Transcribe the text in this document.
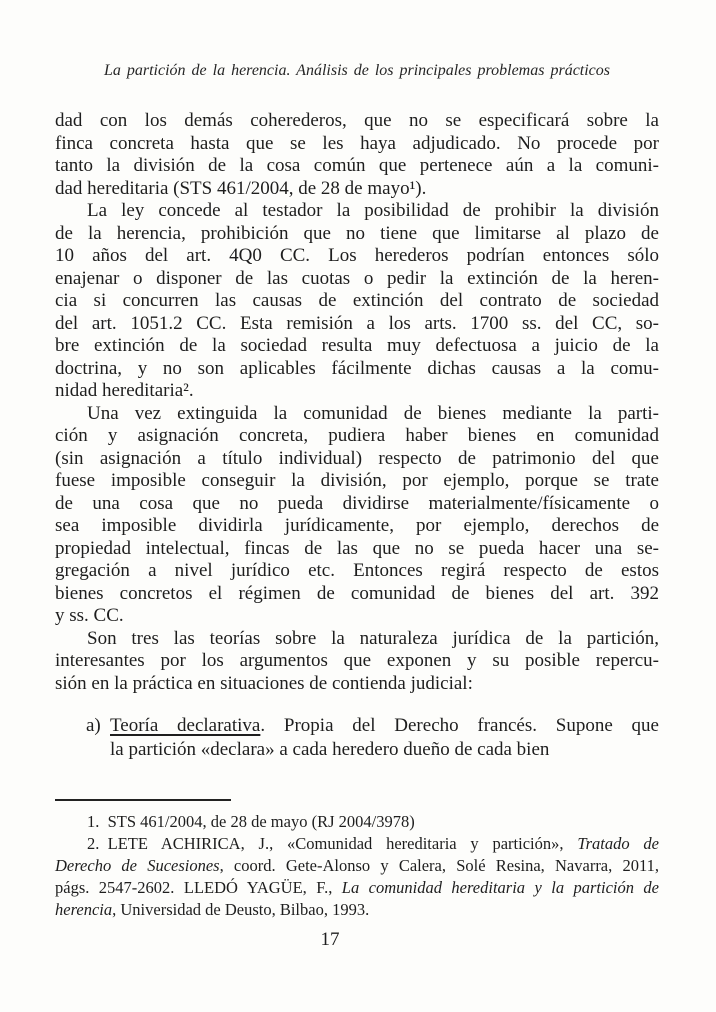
La partición de la herencia. Análisis de los principales problemas prácticos
dad con los demás coherederos, que no se especificará sobre la
finca concreta hasta que se les haya adjudicado. No procede por
tanto la división de la cosa común que pertenece aún a la comuni-
dad hereditaria (STS 461/2004, de 28 de mayo¹).
La ley concede al testador la posibilidad de prohibir la división
de la herencia, prohibición que no tiene que limitarse al plazo de
10 años del art. 4Q0 CC. Los herederos podrían entonces sólo
enajenar o disponer de las cuotas o pedir la extinción de la heren-
cia si concurren las causas de extinción del contrato de sociedad
del art. 1051.2 CC. Esta remisión a los arts. 1700 ss. del CC, so-
bre extinción de la sociedad resulta muy defectuosa a juicio de la
doctrina, y no son aplicables fácilmente dichas causas a la comu-
nidad hereditaria².
Una vez extinguida la comunidad de bienes mediante la parti-
ción y asignación concreta, pudiera haber bienes en comunidad
(sin asignación a título individual) respecto de patrimonio del que
fuese imposible conseguir la división, por ejemplo, porque se trate
de una cosa que no pueda dividirse materialmente/físicamente o
sea imposible dividirla jurídicamente, por ejemplo, derechos de
propiedad intelectual, fincas de las que no se pueda hacer una se-
gregación a nivel jurídico etc. Entonces regirá respecto de estos
bienes concretos el régimen de comunidad de bienes del art. 392
y ss. CC.
Son tres las teorías sobre la naturaleza jurídica de la partición,
interesantes por los argumentos que exponen y su posible repercu-
sión en la práctica en situaciones de contienda judicial:
a) Teoría declarativa. Propia del Derecho francés. Supone que
la partición «declara» a cada heredero dueño de cada bien
1. STS 461/2004, de 28 de mayo (RJ 2004/3978)
2. LETE ACHIRICA, J., «Comunidad hereditaria y partición», Tratado de
Derecho de Sucesiones, coord. Gete-Alonso y Calera, Solé Resina, Navarra, 2011,
págs. 2547-2602. LLEDÓ YAGÜE, F., La comunidad hereditaria y la partición de
herencia, Universidad de Deusto, Bilbao, 1993.
17
